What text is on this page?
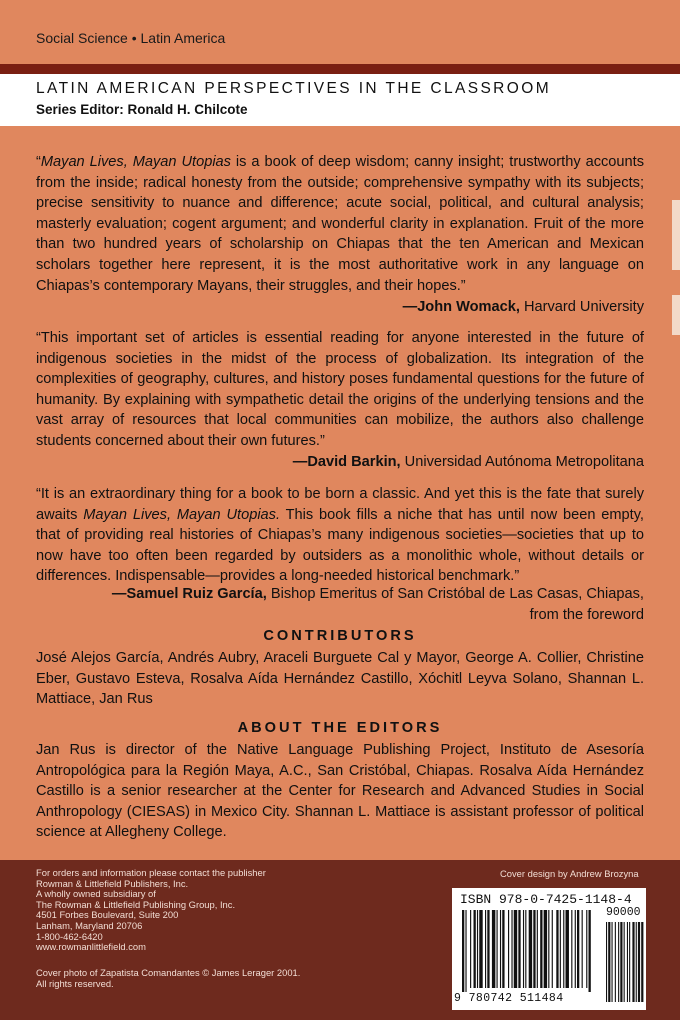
Social Science • Latin America
LATIN AMERICAN PERSPECTIVES IN THE CLASSROOM
Series Editor: Ronald H. Chilcote
“Mayan Lives, Mayan Utopias is a book of deep wisdom; canny insight; trustworthy accounts from the inside; radical honesty from the outside; comprehensive sympathy with its subjects; precise sensitivity to nuance and difference; acute social, political, and cultural analysis; masterly evaluation; cogent argument; and wonderful clarity in explanation. Fruit of the more than two hundred years of scholarship on Chiapas that the ten American and Mexican scholars together here represent, it is the most authoritative work in any language on Chiapas’s contemporary Mayans, their struggles, and their hopes.”
—John Womack, Harvard University
“This important set of articles is essential reading for anyone interested in the future of indigenous societies in the midst of the process of globalization. Its integration of the complexities of geography, cultures, and history poses fundamental questions for the future of humanity. By explaining with sympathetic detail the origins of the underlying tensions and the vast array of resources that local communities can mobilize, the authors also challenge students concerned about their own futures.”
—David Barkin, Universidad Autónoma Metropolitana
“It is an extraordinary thing for a book to be born a classic. And yet this is the fate that surely awaits Mayan Lives, Mayan Utopias. This book fills a niche that has until now been empty, that of providing real histories of Chiapas’s many indigenous societies—societies that up to now have too often been regarded by outsiders as a monolithic whole, without details or differences. Indispensable—provides a long-needed historical benchmark.”
—Samuel Ruiz García, Bishop Emeritus of San Cristóbal de Las Casas, Chiapas,
from the foreword
CONTRIBUTORS
José Alejos García, Andrés Aubry, Araceli Burguete Cal y Mayor, George A. Collier, Christine Eber, Gustavo Esteva, Rosalva Aída Hernández Castillo, Xóchitl Leyva Solano, Shannan L. Mattiace, Jan Rus
ABOUT THE EDITORS
Jan Rus is director of the Native Language Publishing Project, Instituto de Asesoría Antropológica para la Región Maya, A.C., San Cristóbal, Chiapas. Rosalva Aída Hernández Castillo is a senior researcher at the Center for Research and Advanced Studies in Social Anthropology (CIESAS) in Mexico City. Shannan L. Mattiace is assistant professor of political science at Allegheny College.
For orders and information please contact the publisher
Rowman & Littlefield Publishers, Inc.
A wholly owned subsidiary of
The Rowman & Littlefield Publishing Group, Inc.
4501 Forbes Boulevard, Suite 200
Lanham, Maryland 20706
1-800-462-6420
www.rowmanlittlefield.com
Cover photo of Zapatista Comandantes © James Lerager 2001.
All rights reserved.
Cover design by Andrew Brozyna
ISBN 978-0-7425-1148-4
90000
9 780742 511484
